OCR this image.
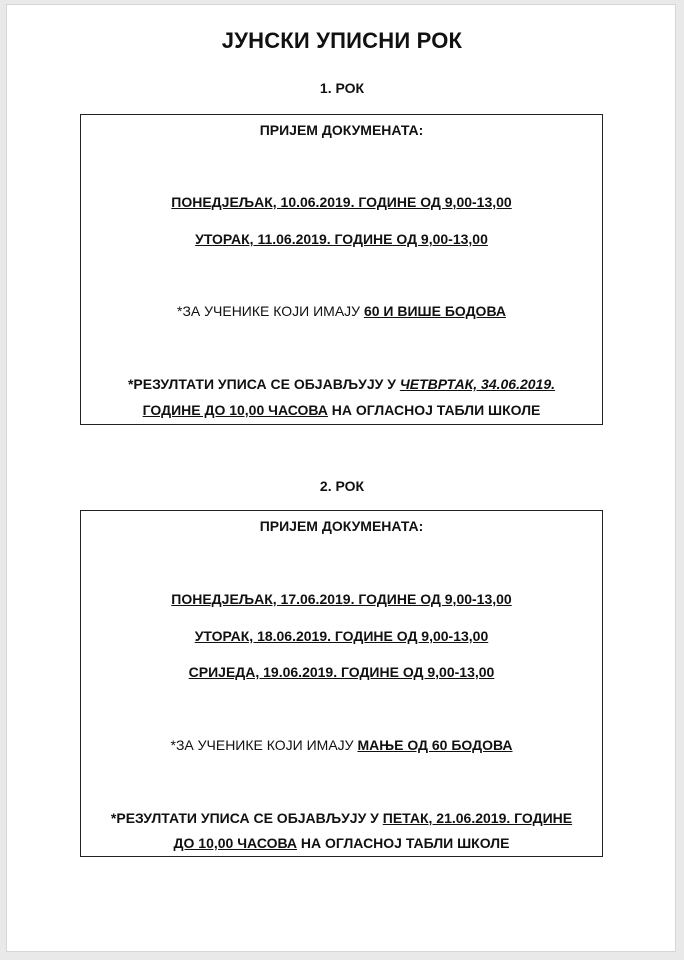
ЈУНСКИ УПИСНИ РОК
1. РОК
ПРИЈЕМ ДОКУМЕНАТА:
ПОНЕДЈЕЉАК, 10.06.2019. ГОДИНЕ ОД 9,00-13,00
УТОРАК, 11.06.2019. ГОДИНЕ ОД 9,00-13,00
*ЗА УЧЕНИКЕ КОЈИ ИМАЈУ 60 И ВИШЕ БОДОВА
*РЕЗУЛТАТИ УПИСА СЕ ОБЈАВЉУЈУ У ЧЕТВРТАК, 34.06.2019.
ГОДИНЕ ДО 10,00 ЧАСОВА НА ОГЛАСНОЈ ТАБЛИ ШКОЛЕ
2. РОК
ПРИЈЕМ ДОКУМЕНАТА:
ПОНЕДЈЕЉАК, 17.06.2019. ГОДИНЕ ОД 9,00-13,00
УТОРАК, 18.06.2019. ГОДИНЕ ОД 9,00-13,00
СРИЈЕДА, 19.06.2019. ГОДИНЕ ОД 9,00-13,00
*ЗА УЧЕНИКЕ КОЈИ ИМАЈУ МАЊЕ ОД 60 БОДОВА
*РЕЗУЛТАТИ УПИСА СЕ ОБЈАВЉУЈУ У ПЕТАК, 21.06.2019. ГОДИНЕ
ДО 10,00 ЧАСОВА НА ОГЛАСНОЈ ТАБЛИ ШКОЛЕ
